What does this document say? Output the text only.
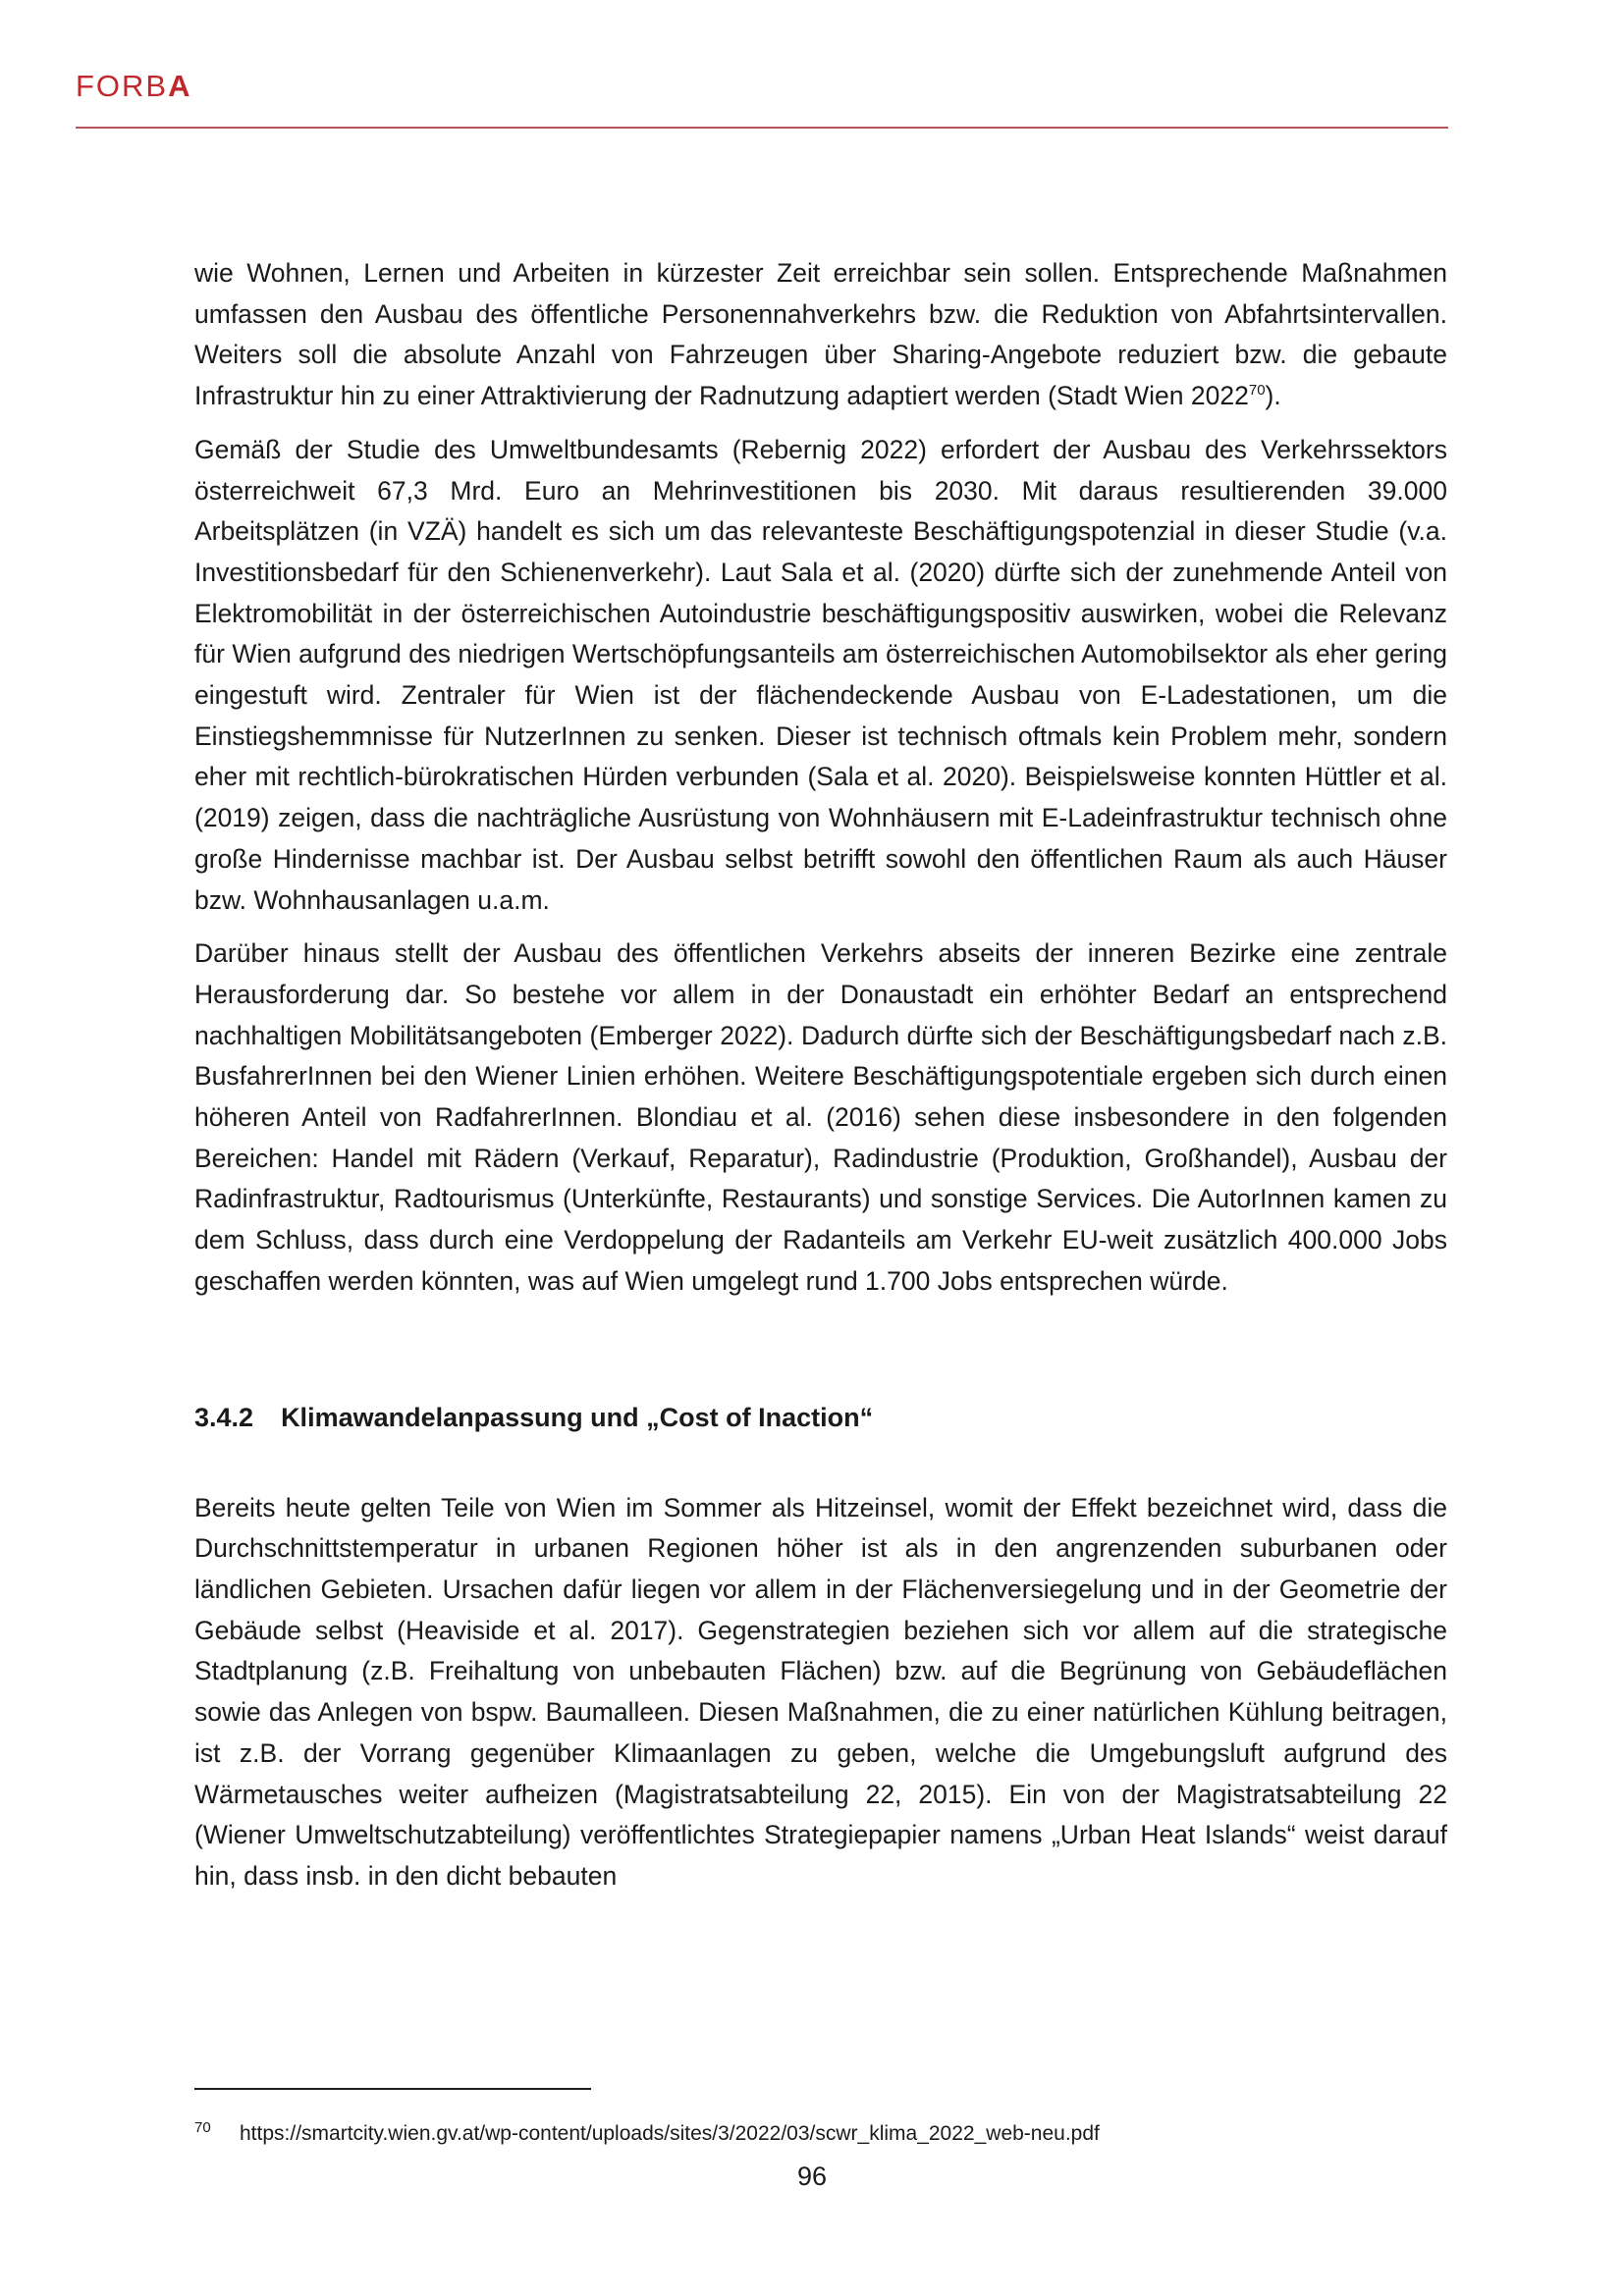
FORBA

wie Wohnen, Lernen und Arbeiten in kürzester Zeit erreichbar sein sollen. Entsprechende Maßnahmen umfassen den Ausbau des öffentliche Personennahverkehrs bzw. die Reduktion von Abfahrtsintervallen. Weiters soll die absolute Anzahl von Fahrzeugen über Sharing-Angebote reduziert bzw. die gebaute Infrastruktur hin zu einer Attraktivierung der Radnutzung adaptiert werden (Stadt Wien 2022$^{70}$).

Gemäß der Studie des Umweltbundesamts (Rebernig 2022) erfordert der Ausbau des Verkehrssektors österreichweit 67,3 Mrd. Euro an Mehrinvestitionen bis 2030. Mit daraus resultierenden 39.000 Arbeitsplätzen (in VZÄ) handelt es sich um das relevanteste Beschäftigungspotenzial in dieser Studie (v.a. Investitionsbedarf für den Schienenverkehr). Laut Sala et al. (2020) dürfte sich der zunehmende Anteil von Elektromobilität in der österreichischen Autoindustrie beschäftigungspositiv auswirken, wobei die Relevanz für Wien aufgrund des niedrigen Wertschöpfungsanteils am österreichischen Automobilsektor als eher gering eingestuft wird. Zentraler für Wien ist der flächendeckende Ausbau von E-Ladestationen, um die Einstiegshemmnisse für NutzerInnen zu senken. Dieser ist technisch oftmals kein Problem mehr, sondern eher mit rechtlich-bürokratischen Hürden verbunden (Sala et al. 2020). Beispielsweise konnten Hüttler et al. (2019) zeigen, dass die nachträgliche Ausrüstung von Wohnhäusern mit E-Ladeinfrastruktur technisch ohne große Hindernisse machbar ist. Der Ausbau selbst betrifft sowohl den öffentlichen Raum als auch Häuser bzw. Wohnhausanlagen u.a.m.

Darüber hinaus stellt der Ausbau des öffentlichen Verkehrs abseits der inneren Bezirke eine zentrale Herausforderung dar. So bestehe vor allem in der Donaustadt ein erhöhter Bedarf an entsprechend nachhaltigen Mobilitätsangeboten (Emberger 2022). Dadurch dürfte sich der Beschäftigungsbedarf nach z.B. BusfahrerInnen bei den Wiener Linien erhöhen. Weitere Beschäftigungspotentiale ergeben sich durch einen höheren Anteil von RadfahrerInnen. Blondiau et al. (2016) sehen diese insbesondere in den folgenden Bereichen: Handel mit Rädern (Verkauf, Reparatur), Radindustrie (Produktion, Großhandel), Ausbau der Radinfrastruktur, Radtourismus (Unterkünfte, Restaurants) und sonstige Services. Die AutorInnen kamen zu dem Schluss, dass durch eine Verdoppelung der Radanteils am Verkehr EU-weit zusätzlich 400.000 Jobs geschaffen werden könnten, was auf Wien umgelegt rund 1.700 Jobs entsprechen würde.

3.4.2 Klimawandelanpassung und „Cost of Inaction“

Bereits heute gelten Teile von Wien im Sommer als Hitzeinsel, womit der Effekt bezeichnet wird, dass die Durchschnittstemperatur in urbanen Regionen höher ist als in den angrenzenden suburbanen oder ländlichen Gebieten. Ursachen dafür liegen vor allem in der Flächenversiegelung und in der Geometrie der Gebäude selbst (Heaviside et al. 2017). Gegenstrategien beziehen sich vor allem auf die strategische Stadtplanung (z.B. Freihaltung von unbebauten Flächen) bzw. auf die Begrünung von Gebäudeflächen sowie das Anlegen von bspw. Baumalleen. Diesen Maßnahmen, die zu einer natürlichen Kühlung beitragen, ist z.B. der Vorrang gegenüber Klimaanlagen zu geben, welche die Umgebungsluft aufgrund des Wärmetausches weiter aufheizen (Magistratsabteilung 22, 2015). Ein von der Magistratsabteilung 22 (Wiener Umweltschutzabteilung) veröffentlichtes Strategiepapier namens „Urban Heat Islands“ weist darauf hin, dass insb. in den dicht bebauten

70	https://smartcity.wien.gv.at/wp-content/uploads/sites/3/2022/03/scwr_klima_2022_web-neu.pdf
96
